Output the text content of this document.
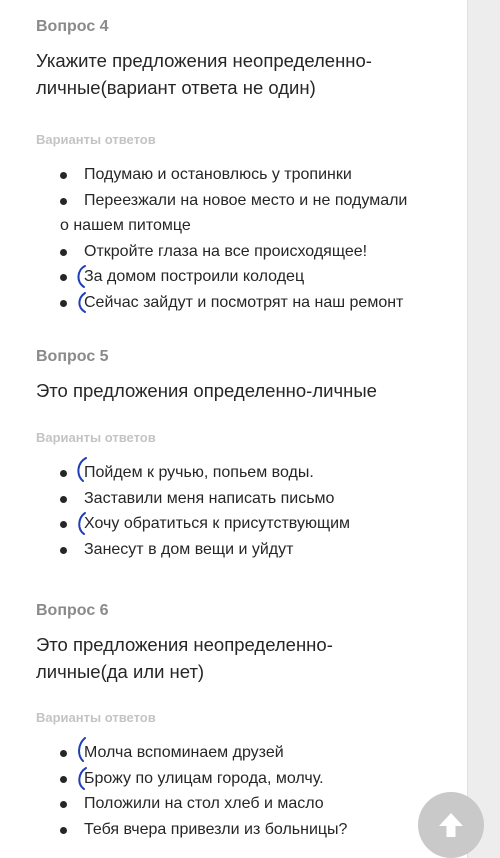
Вопрос 4

Укажите предложения неопределенно-
личные(вариант ответа не один)

Варианты ответов

Подумаю и остановлюсь у тропинки
Переезжали на новое место и не подумали
о нашем питомце
Откройте глаза на все происходящее!
За домом построили колодец
Сейчас зайдут и посмотрят на наш ремонт

Вопрос 5

Это предложения определенно-личные

Варианты ответов

Пойдем к ручью, попьем воды.
Заставили меня написать письмо
Хочу обратиться к присутствующим
Занесут в дом вещи и уйдут

Вопрос 6

Это предложения неопределенно-
личные(да или нет)

Варианты ответов

Молча вспоминаем друзей
Брожу по улицам города, молчу.
Положили на стол хлеб и масло
Тебя вчера привезли из больницы?
